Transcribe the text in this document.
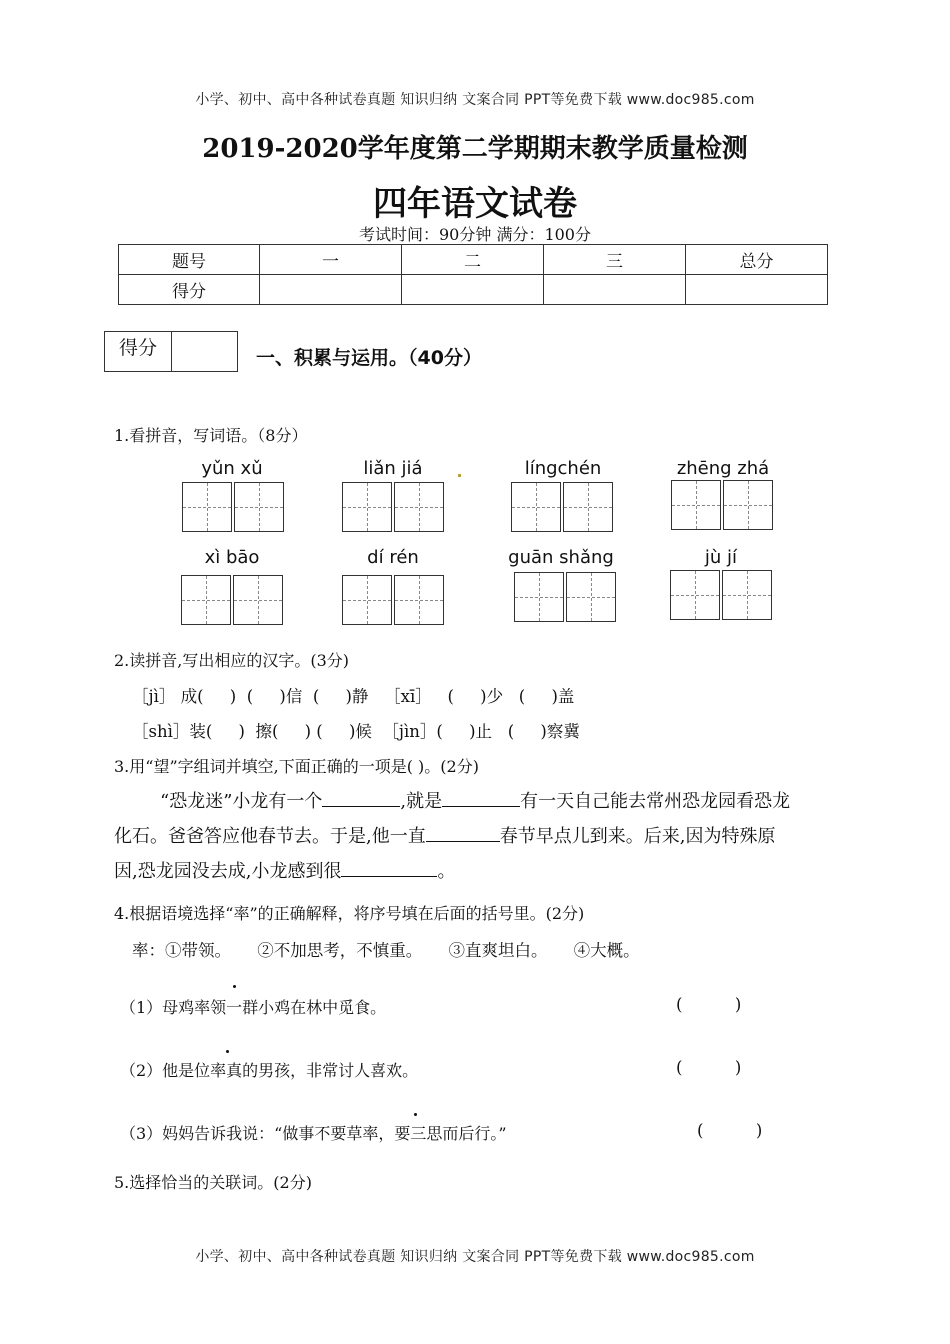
小学、初中、高中各种试卷真题 知识归纳 文案合同 PPT等免费下载 www.doc985.com
2019-2020学年度第二学期期末教学质量检测
四年语文试卷
考试时间：90分钟 满分：100分
题号	一	二	三	总分
得分				
得分	一、积累与运用。（40分）
1.看拼音，写词语。（8分）
yǔn xǔ	liǎn jiá	língchén	zhēng zhá
xì bāo	dí rén	guān shǎng	jù jí
2.读拼音,写出相应的汉字。(3分)
［jì］ 成(     )  (     )信  (     )静   ［xī］   (     )少   (     )盖
［shì］装(     )  擦(     ) (     )候  ［jìn］(     )止   (     )察冀
3.用“望”字组词并填空,下面正确的一项是( )。(2分)
“恐龙迷”小龙有一个	,就是	有一天自己能去常州恐龙园看恐龙
化石。爸爸答应他春节去。于是,他一直	春节早点儿到来。后来,因为特殊原
因,恐龙园没去成,小龙感到很	。
4.根据语境选择“率”的正确解释，将序号填在后面的括号里。(2分)
率：①带领。     ②不加思考，不慎重。     ③直爽坦白。     ④大概。
（1）母鸡率领一群小鸡在林中觅食。	(          )
（2）他是位率真的男孩，非常讨人喜欢。	(          )
（3）妈妈告诉我说：“做事不要草率，要三思而后行。”	(          )
5.选择恰当的关联词。(2分)
小学、初中、高中各种试卷真题 知识归纳 文案合同 PPT等免费下载 www.doc985.com
